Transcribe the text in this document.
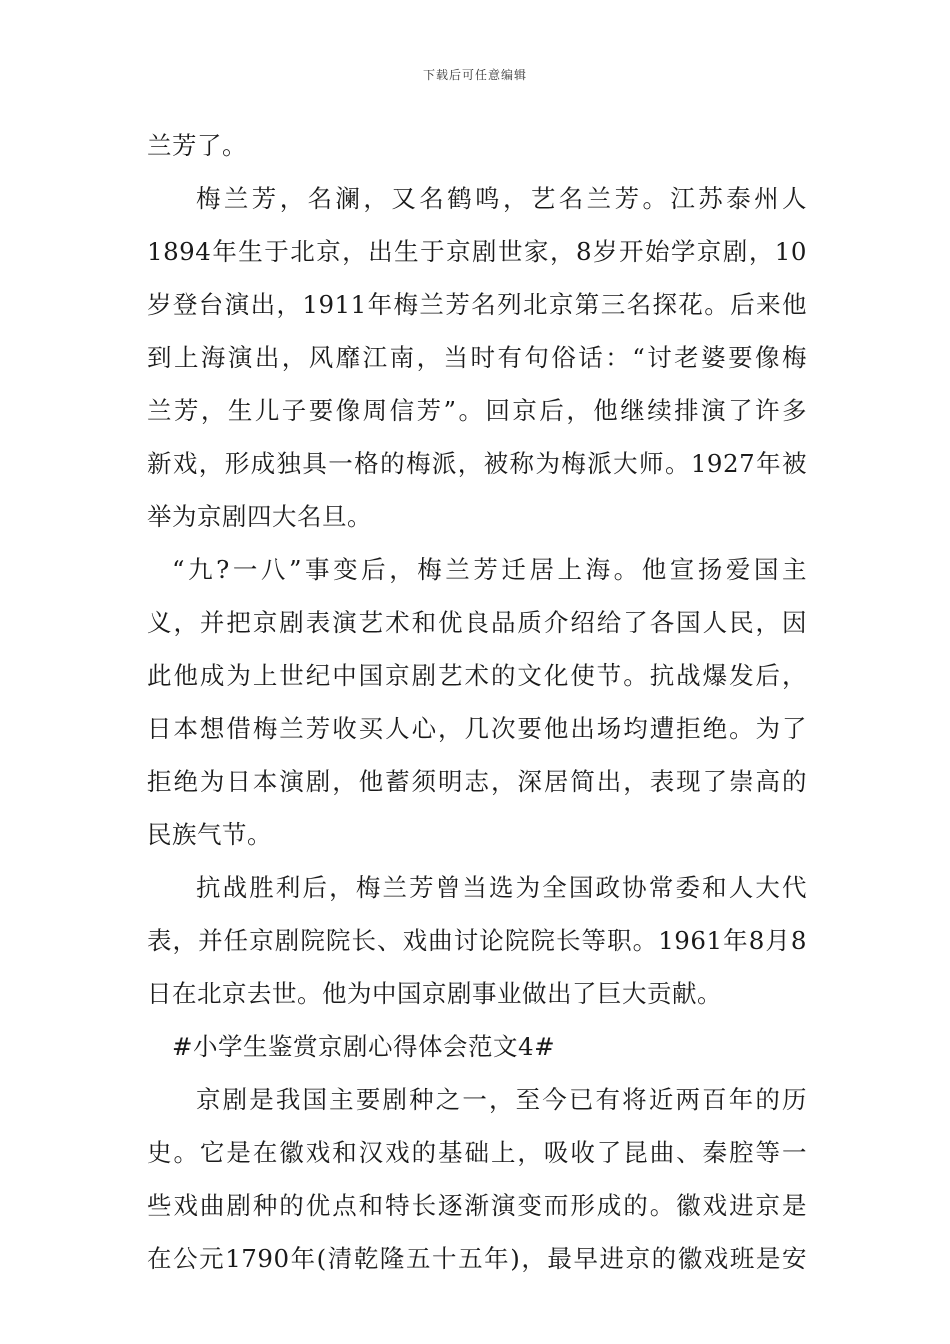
下载后可任意编辑
兰芳了。
梅兰芳，名澜，又名鹤鸣，艺名兰芳。江苏泰州人
1894年生于北京，出生于京剧世家，8岁开始学京剧，10
岁登台演出，1911年梅兰芳名列北京第三名探花。后来他
到上海演出，风靡江南，当时有句俗话：“讨老婆要像梅
兰芳，生儿子要像周信芳”。回京后，他继续排演了许多
新戏，形成独具一格的梅派，被称为梅派大师。1927年被
举为京剧四大名旦。
“九?一八”事变后，梅兰芳迁居上海。他宣扬爱国主
义，并把京剧表演艺术和优良品质介绍给了各国人民，因
此他成为上世纪中国京剧艺术的文化使节。抗战爆发后，
日本想借梅兰芳收买人心，几次要他出场均遭拒绝。为了
拒绝为日本演剧，他蓄须明志，深居简出，表现了崇高的
民族气节。
抗战胜利后，梅兰芳曾当选为全国政协常委和人大代
表，并任京剧院院长、戏曲讨论院院长等职。1961年8月8
日在北京去世。他为中国京剧事业做出了巨大贡献。
#小学生鉴赏京剧心得体会范文4#
京剧是我国主要剧种之一，至今已有将近两百年的历
史。它是在徽戏和汉戏的基础上，吸收了昆曲、秦腔等一
些戏曲剧种的优点和特长逐渐演变而形成的。徽戏进京是
在公元1790年(清乾隆五十五年)，最早进京的徽戏班是安
